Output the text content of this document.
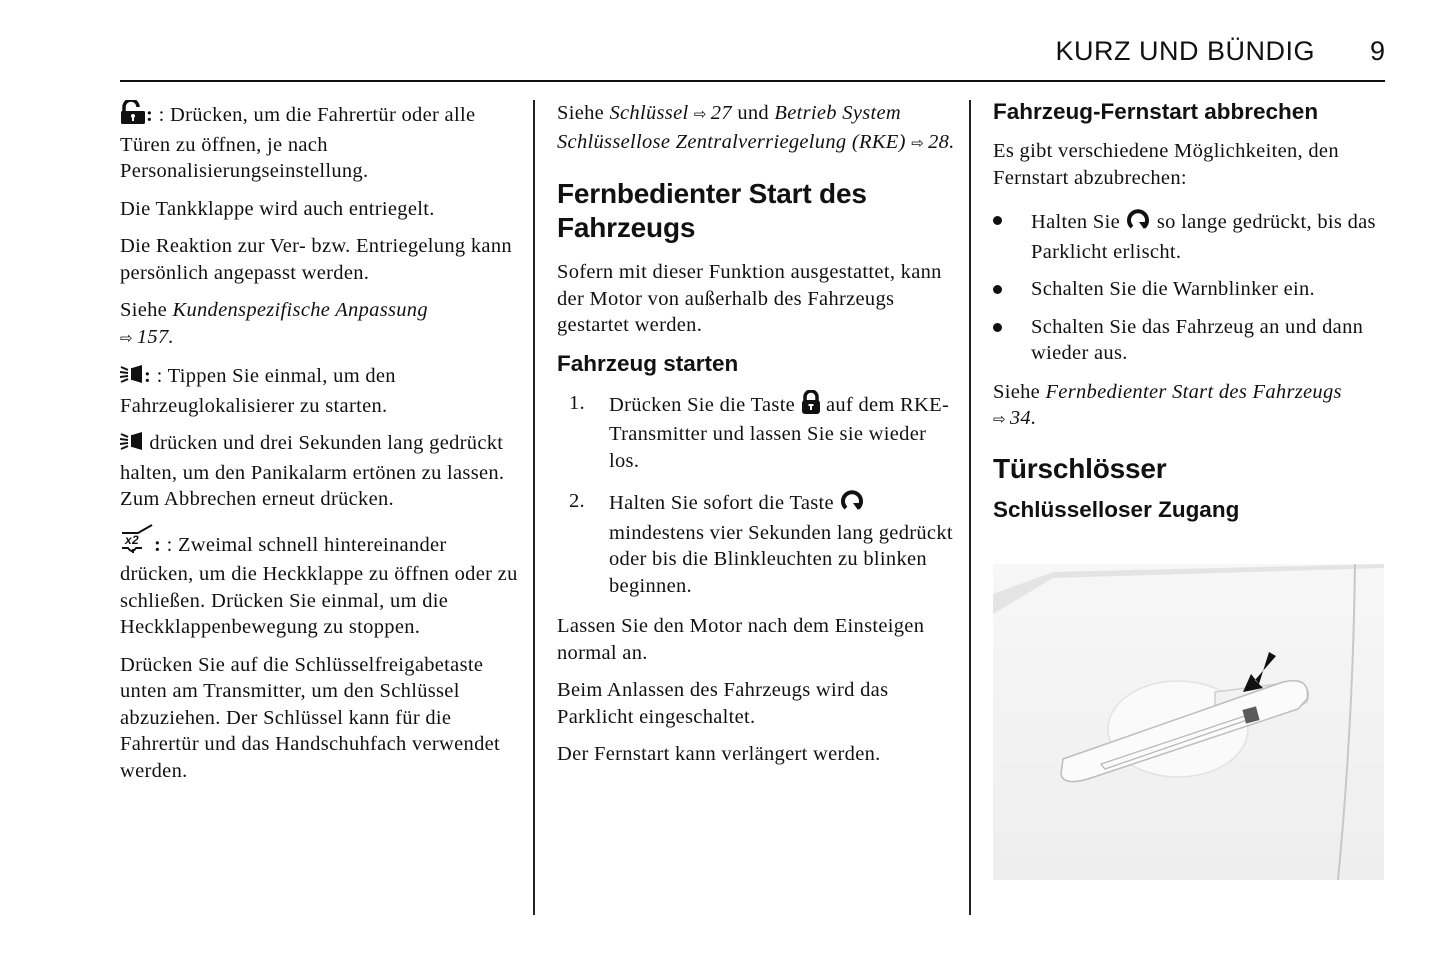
KURZ UND BÜNDIG 9

: : Drücken, um die Fahrertür oder alle Türen zu öffnen, je nach Personalisierungseinstellung.

Die Tankklappe wird auch entriegelt.

Die Reaktion zur Ver- bzw. Entriegelung kann persönlich angepasst werden.

Siehe Kundenspezifische Anpassung
⇨ 157.

: : Tippen Sie einmal, um den Fahrzeuglokalisierer zu starten.

drücken und drei Sekunden lang gedrückt halten, um den Panikalarm ertönen zu lassen. Zum Abbrechen erneut drücken.

x2 : : Zweimal schnell hintereinander drücken, um die Heckklappe zu öffnen oder zu schließen. Drücken Sie einmal, um die Heckklappenbewegung zu stoppen.

Drücken Sie auf die Schlüsselfreigabetaste unten am Transmitter, um den Schlüssel abzuziehen. Der Schlüssel kann für die Fahrertür und das Handschuhfach verwendet werden.

Siehe Schlüssel ⇨ 27 und Betrieb System Schlüssellose Zentralverriegelung (RKE) ⇨ 28.

Fernbedienter Start des Fahrzeugs

Sofern mit dieser Funktion ausgestattet, kann der Motor von außerhalb des Fahrzeugs gestartet werden.

Fahrzeug starten
1. Drücken Sie die Taste  auf dem RKE-Transmitter und lassen Sie sie wieder los.
2. Halten Sie sofort die Taste  mindestens vier Sekunden lang gedrückt oder bis die Blinkleuchten zu blinken beginnen.

Lassen Sie den Motor nach dem Einsteigen normal an.

Beim Anlassen des Fahrzeugs wird das Parklicht eingeschaltet.

Der Fernstart kann verlängert werden.

Fahrzeug-Fernstart abbrechen

Es gibt verschiedene Möglichkeiten, den Fernstart abzubrechen:

Halten Sie  so lange gedrückt, bis das Parklicht erlischt.
Schalten Sie die Warnblinker ein.
Schalten Sie das Fahrzeug an und dann wieder aus.

Siehe Fernbedienter Start des Fahrzeugs
⇨ 34.

Türschlösser
Schlüsselloser Zugang
